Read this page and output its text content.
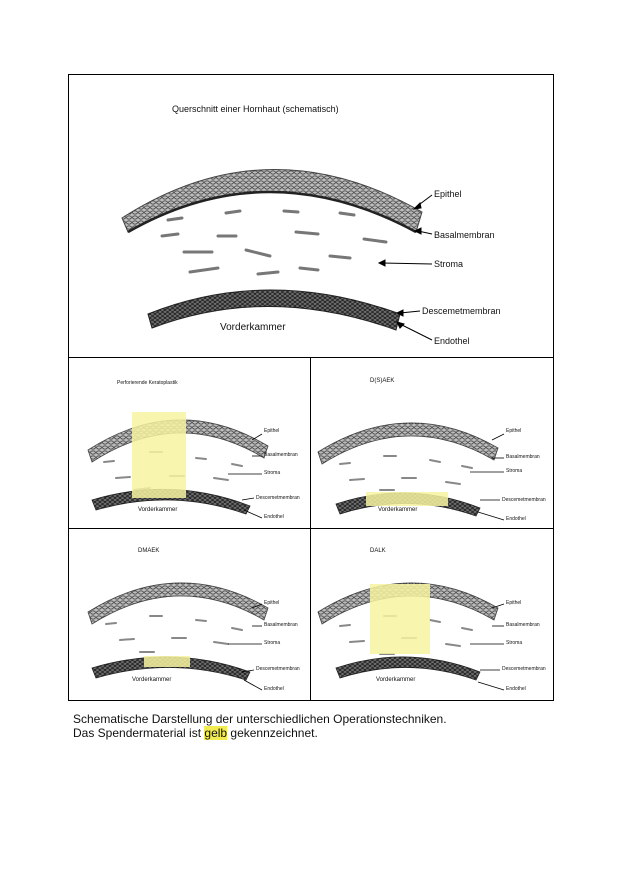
Querschnitt einer Hornhaut (schematisch)
Epithel
Basalmembran
Stroma
Descemetmembran
Endothel
Vorderkammer
Perforierende Keratoplastik
Epithel
Basalmembran
Stroma
Descemetmembran
Endothel
Vorderkammer
D(S)AEK
Epithel
Basalmembran
Stroma
Descemetmembran
Endothel
Vorderkammer
DMAEK
Epithel
Basalmembran
Stroma
Descemetmembran
Endothel
Vorderkammer
DALK
Epithel
Basalmembran
Stroma
Descemetmembran
Endothel
Vorderkammer
Schematische Darstellung der unterschiedlichen Operationstechniken.
Das Spendermaterial ist gelb gekennzeichnet.
